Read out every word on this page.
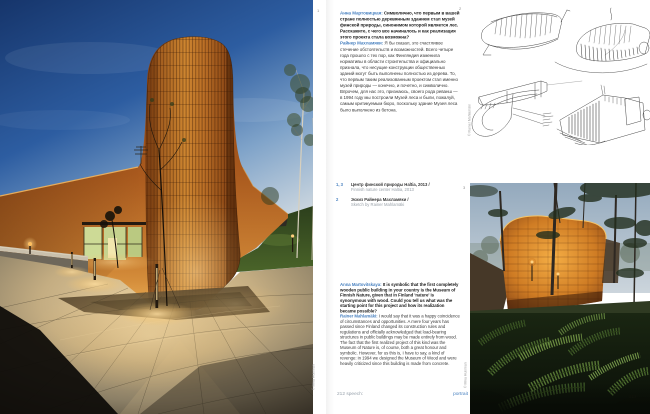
1
© Mika Huisman

Анна Мартовицкая: Символично, что первым в вашей стране полностью деревянным зданием стал музей финской природы, синонимом которой является лес. Расскажите, с чего все начиналось и как реализация этого проекта стала возможна?

Райнер Махламяки: Я бы сказал, это счастливое стечение обстоятельств и возможностей. Всего четыре года прошло с тех пор, как Финляндия изменила нормативы в области строительства и официально признала, что несущие конструкции общественных зданий могут быть выполнены полностью из дерева. То, что первым таким реализованным проектом стал именно музей природы — конечно, и почетно, и символично. Впрочем, для нас это, признаюсь, своего рода реванш — в 1994 году мы построили Музей леса и были, пожалуй, самым критикуемым бюро, поскольку здание Музея леса было выполнено из бетона.

2
© Rainer Mahlamäki
1, 3 Центр финской природы Haltia, 2013 /
Finnish nature center Haltia, 2013
2	Эскиз Райнера Махламяки /
Sketch by Rainer Mahlamäki

Anna Martovitskaya: It is symbolic that the first completely wooden public building in your country is the Museum of Finnish Nature, given that in Finland 'nature' is synonymous with wood. Could you tell us what was the starting point for this project and how its realization became possible?

Rainer Mahlamäki: I would say that it was a happy coincidence of circumstances and opportunities. A mere four years has passed since Finland changed its construction rules and regulations and officially acknowledged that load-bearing structures in public buildings may be made entirely from wood. The fact that the first realized project of this kind was the Museum of Nature is, of course, both a great honour and symbolic. However, for us this is, I have to say, a kind of revenge: in 1994 we designed the Museum of Wood and were heavily criticized since this building is made from concrete.

3
© Mika Huisman
212 speech:	portrait	213
